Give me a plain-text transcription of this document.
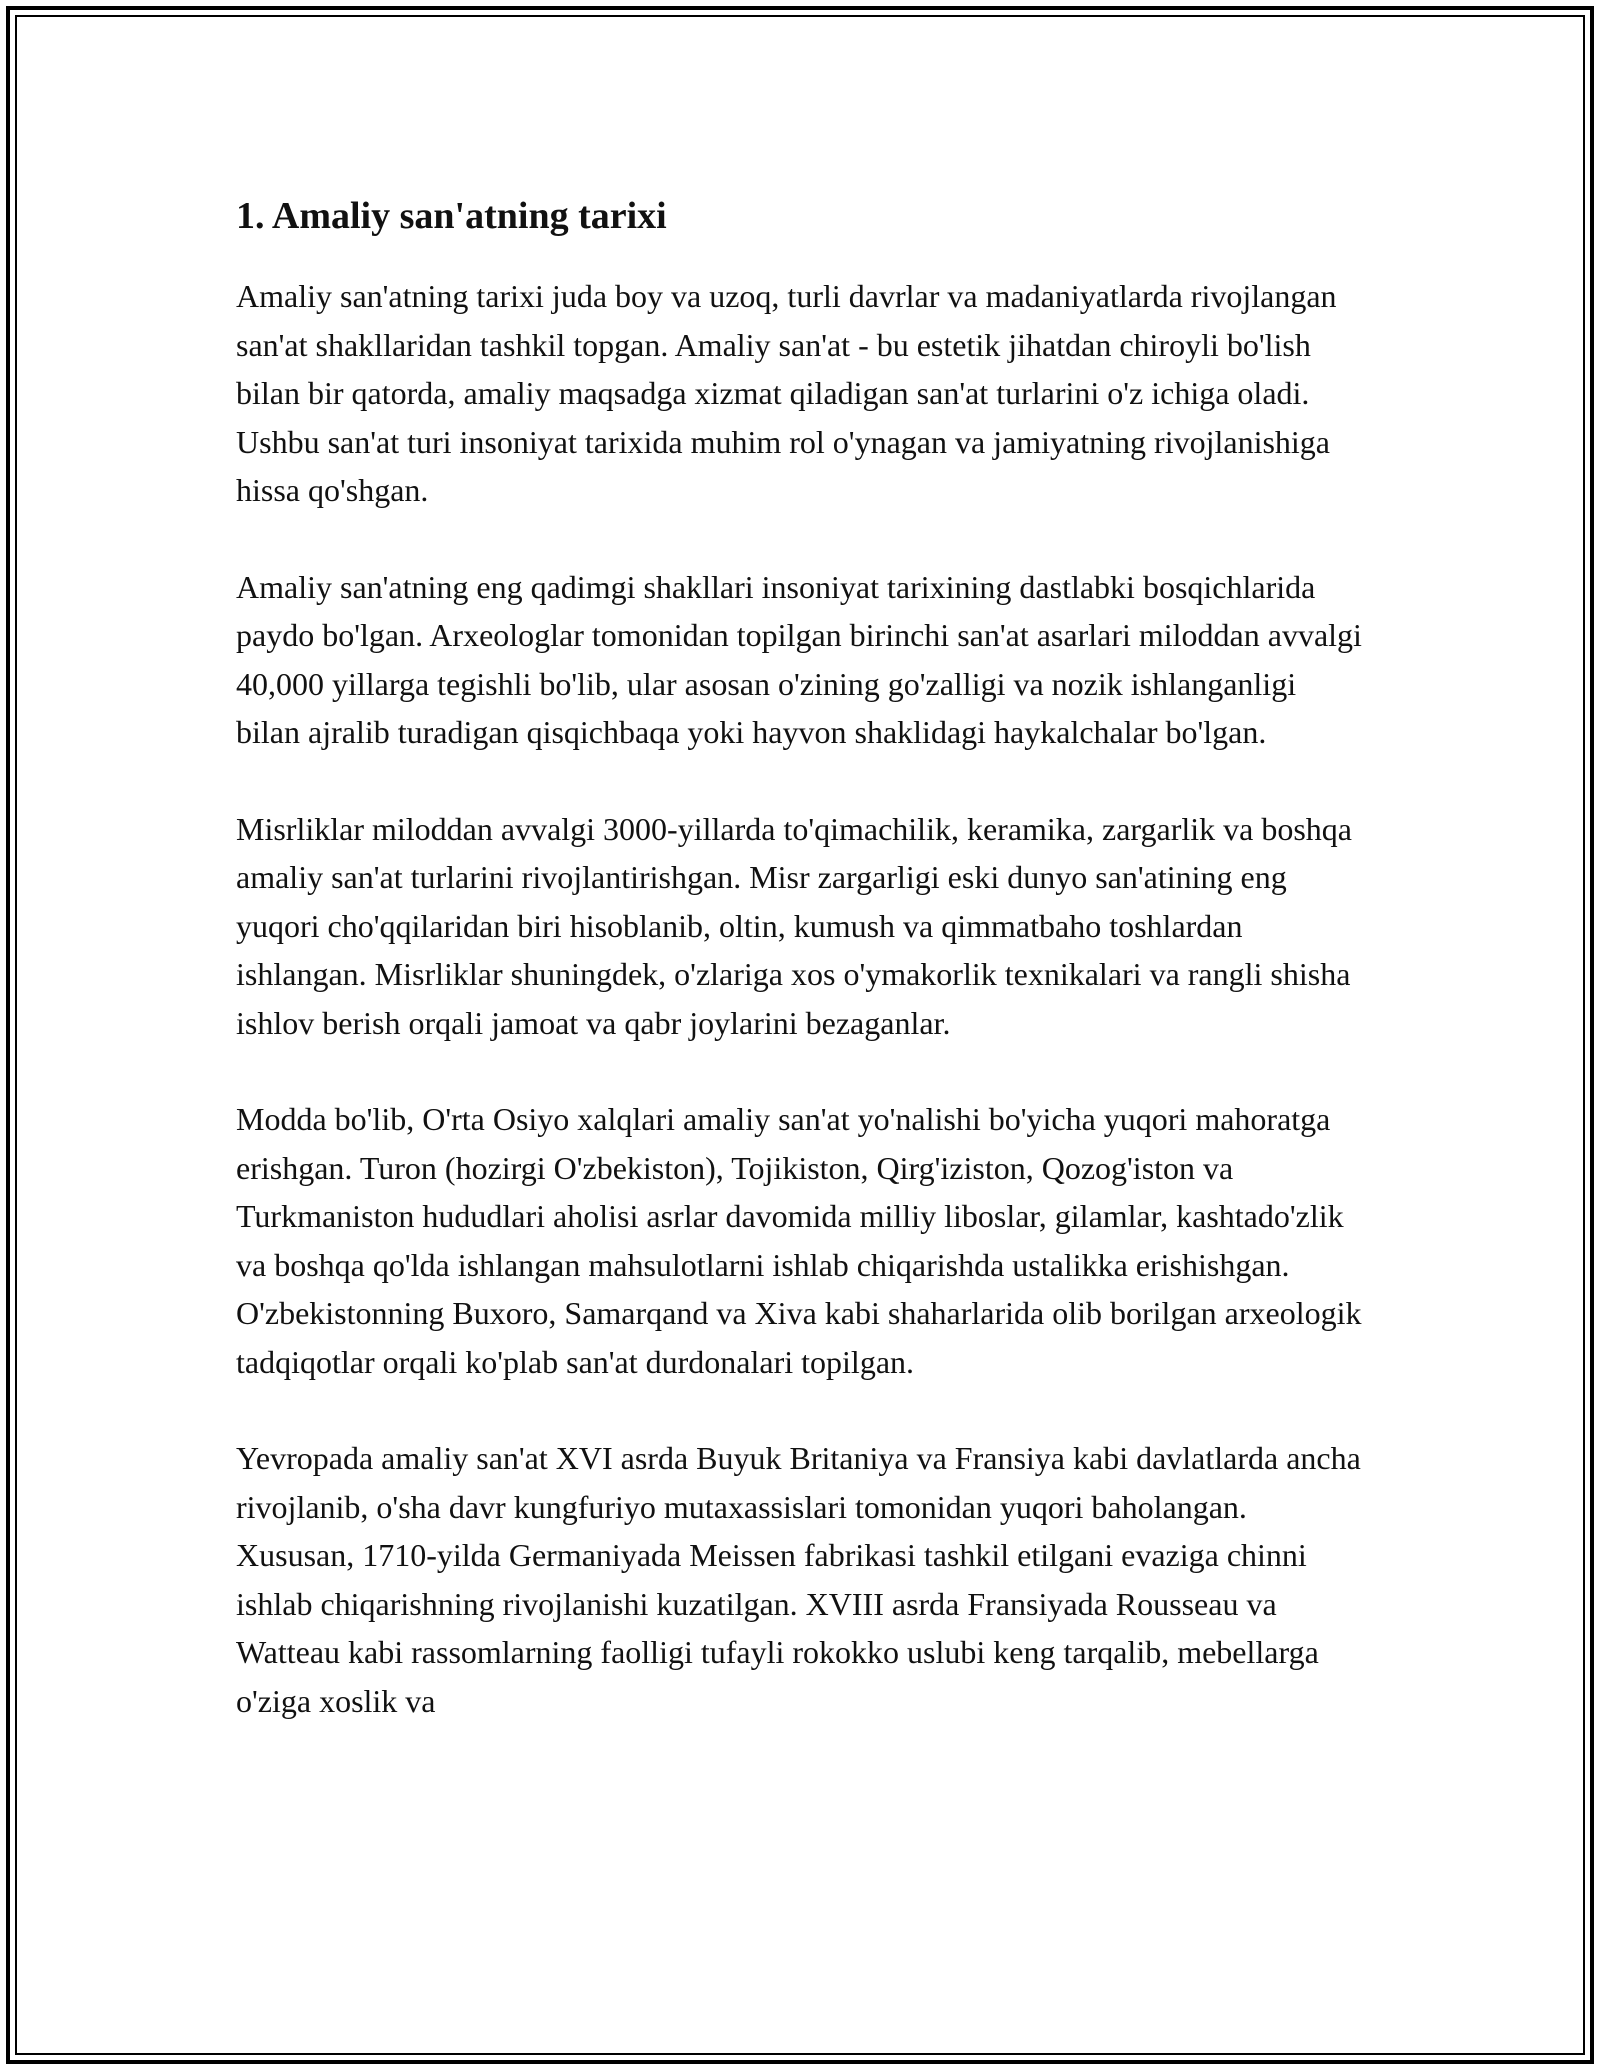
1. Amaliy san'atning tarixi

Amaliy san'atning tarixi juda boy va uzoq, turli davrlar va madaniyatlarda rivojlangan san'at shakllaridan tashkil topgan. Amaliy san'at - bu estetik jihatdan chiroyli bo'lish bilan bir qatorda, amaliy maqsadga xizmat qiladigan san'at turlarini o'z ichiga oladi. Ushbu san'at turi insoniyat tarixida muhim rol o'ynagan va jamiyatning rivojlanishiga hissa qo'shgan.

Amaliy san'atning eng qadimgi shakllari insoniyat tarixining dastlabki bosqichlarida paydo bo'lgan. Arxeologlar tomonidan topilgan birinchi san'at asarlari miloddan avvalgi 40,000 yillarga tegishli bo'lib, ular asosan o'zining go'zalligi va nozik ishlanganligi bilan ajralib turadigan qisqichbaqa yoki hayvon shaklidagi haykalchalar bo'lgan.

Misrliklar miloddan avvalgi 3000-yillarda to'qimachilik, keramika, zargarlik va boshqa amaliy san'at turlarini rivojlantirishgan. Misr zargarligi eski dunyo san'atining eng yuqori cho'qqilaridan biri hisoblanib, oltin, kumush va qimmatbaho toshlardan ishlangan. Misrliklar shuningdek, o'zlariga xos o'ymakorlik texnikalari va rangli shisha ishlov berish orqali jamoat va qabr joylarini bezaganlar.

Modda bo'lib, O'rta Osiyo xalqlari amaliy san'at yo'nalishi bo'yicha yuqori mahoratga erishgan. Turon (hozirgi O'zbekiston), Tojikiston, Qirg'iziston, Qozog'iston va Turkmaniston hududlari aholisi asrlar davomida milliy liboslar, gilamlar, kashtado'zlik va boshqa qo'lda ishlangan mahsulotlarni ishlab chiqarishda ustalikka erishishgan. O'zbekistonning Buxoro, Samarqand va Xiva kabi shaharlarida olib borilgan arxeologik tadqiqotlar orqali ko'plab san'at durdonalari topilgan.

Yevropada amaliy san'at XVI asrda Buyuk Britaniya va Fransiya kabi davlatlarda ancha rivojlanib, o'sha davr kungfuriyo mutaxassislari tomonidan yuqori baholangan. Xususan, 1710-yilda Germaniyada Meissen fabrikasi tashkil etilgani evaziga chinni ishlab chiqarishning rivojlanishi kuzatilgan. XVIII asrda Fransiyada Rousseau va Watteau kabi rassomlarning faolligi tufayli rokokko uslubi keng tarqalib, mebellarga o'ziga xoslik va
